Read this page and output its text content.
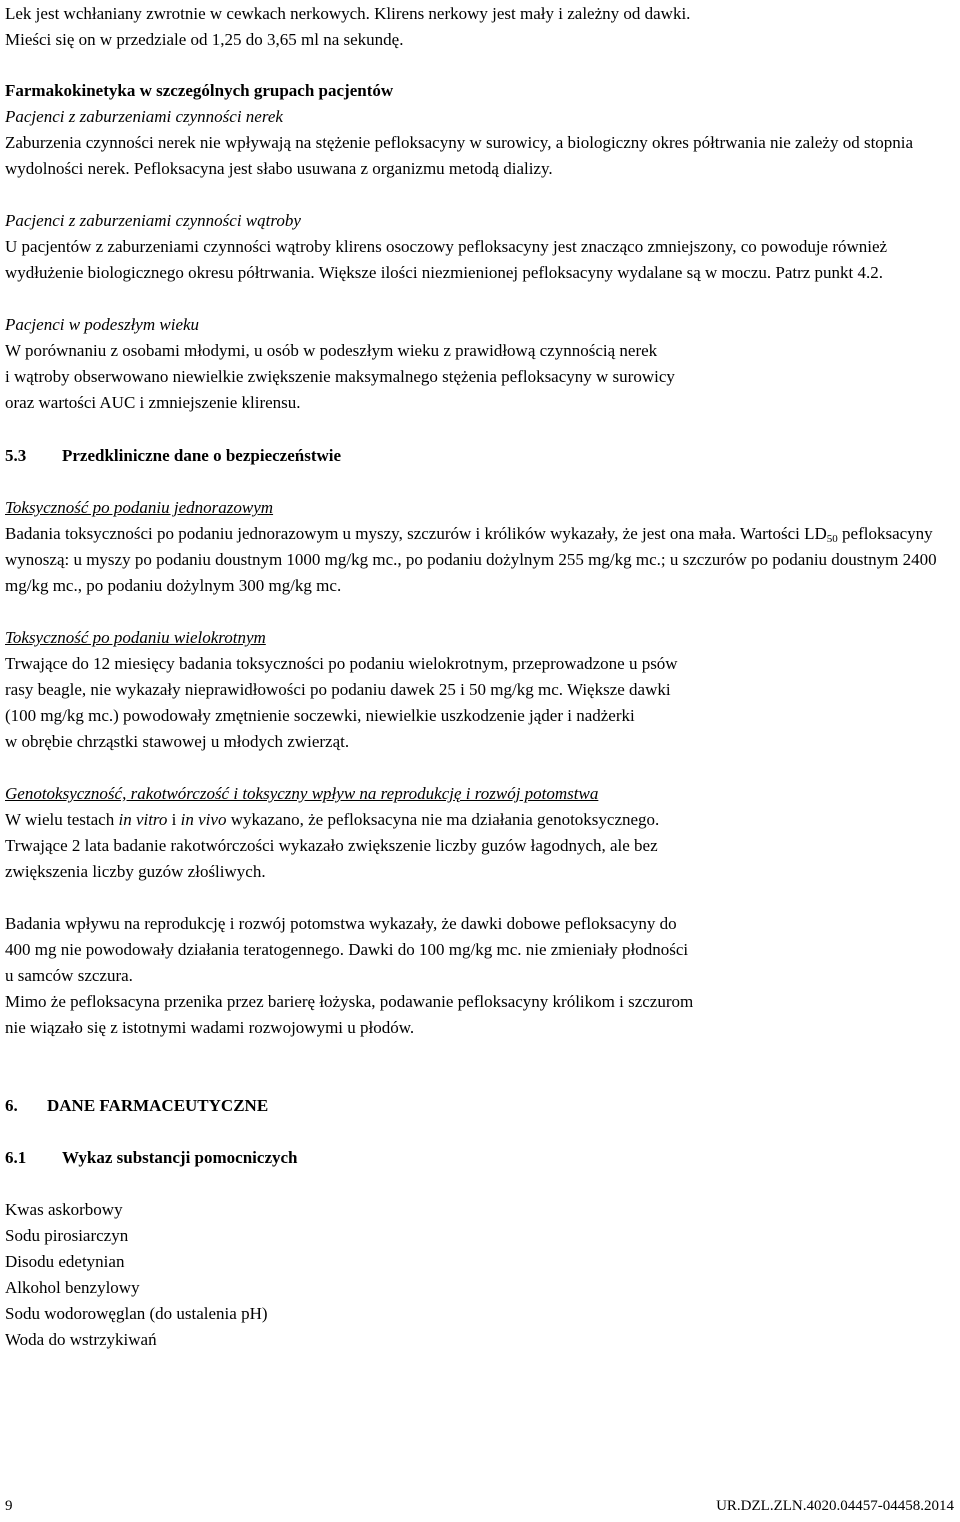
Lek jest wchłaniany zwrotnie w cewkach nerkowych. Klirens nerkowy jest mały i zależny od dawki.

Mieści się on w przedziale od 1,25 do 3,65 ml na sekundę.

Farmakokinetyka w szczególnych grupach pacjentów

Pacjenci z zaburzeniami czynności nerek

Zaburzenia czynności nerek nie wpływają na stężenie pefloksacyny w surowicy, a biologiczny okres półtrwania nie zależy od stopnia wydolności nerek. Pefloksacyna jest słabo usuwana z organizmu metodą dializy.

Pacjenci z zaburzeniami czynności wątroby

U pacjentów z zaburzeniami czynności wątroby klirens osoczowy pefloksacyny jest znacząco zmniejszony, co powoduje również wydłużenie biologicznego okresu półtrwania. Większe ilości niezmienionej pefloksacyny wydalane są w moczu. Patrz punkt 4.2.

Pacjenci w podeszłym wieku

W porównaniu z osobami młodymi, u osób w podeszłym wieku z prawidłową czynnością nerek

i wątroby obserwowano niewielkie zwiększenie maksymalnego stężenia pefloksacyny w surowicy

oraz wartości AUC i zmniejszenie klirensu.

5.3	Przedkliniczne dane o bezpieczeństwie

Toksyczność po podaniu jednorazowym

Badania toksyczności po podaniu jednorazowym u myszy, szczurów i królików wykazały, że jest ona mała. Wartości $LD_{50}$ pefloksacyny wynoszą: u myszy po podaniu doustnym 1000 mg/kg mc., po podaniu dożylnym 255 mg/kg mc.; u szczurów po podaniu doustnym 2400 mg/kg mc., po podaniu dożylnym 300 mg/kg mc.

Toksyczność po podaniu wielokrotnym

Trwające do 12 miesięcy badania toksyczności po podaniu wielokrotnym, przeprowadzone u psów

rasy beagle, nie wykazały nieprawidłowości po podaniu dawek 25 i 50 mg/kg mc. Większe dawki

(100 mg/kg mc.) powodowały zmętnienie soczewki, niewielkie uszkodzenie jąder i nadżerki

w obrębie chrząstki stawowej u młodych zwierząt.

Genotoksyczność, rakotwórczość i toksyczny wpływ na reprodukcję i rozwój potomstwa

W wielu testach in vitro i in vivo wykazano, że pefloksacyna nie ma działania genotoksycznego.

Trwające 2 lata badanie rakotwórczości wykazało zwiększenie liczby guzów łagodnych, ale bez

zwiększenia liczby guzów złośliwych.

Badania wpływu na reprodukcję i rozwój potomstwa wykazały, że dawki dobowe pefloksacyny do

400 mg nie powodowały działania teratogennego. Dawki do 100 mg/kg mc. nie zmieniały płodności

u samców szczura.

Mimo że pefloksacyna przenika przez barierę łożyska, podawanie pefloksacyny królikom i szczurom

nie wiązało się z istotnymi wadami rozwojowymi u płodów.

6.	DANE FARMACEUTYCZNE
6.1	Wykaz substancji pomocniczych
Kwas askorbowy
Sodu pirosiarczyn
Disodu edetynian
Alkohol benzylowy
Sodu wodorowęglan (do ustalenia pH)
Woda do wstrzykiwań
9	UR.DZL.ZLN.4020.04457-04458.2014
